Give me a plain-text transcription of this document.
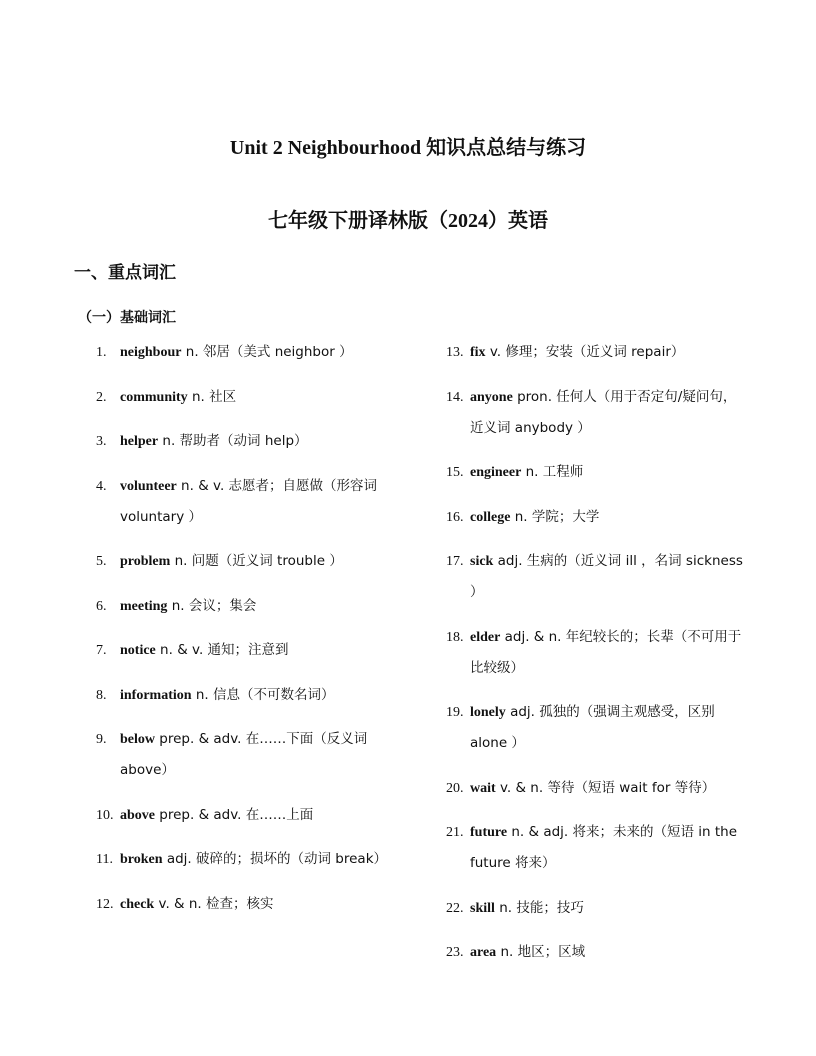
Unit 2 Neighbourhood 知识点总结与练习
七年级下册译林版（2024）英语
一、重点词汇
（一）基础词汇
1. neighbour n. 邻居（美式 neighbor ）
2. community n. 社区
3. helper n. 帮助者（动词 help）
4. volunteer n. & v. 志愿者；自愿做（形容词 voluntary ）
5. problem n. 问题（近义词 trouble ）
6. meeting n. 会议；集会
7. notice n. & v. 通知；注意到
8. information n. 信息（不可数名词）
9. below prep. & adv. 在……下面（反义词 above）
10. above prep. & adv. 在……上面
11. broken adj. 破碎的；损坏的（动词 break）
12. check v. & n. 检查；核实
13. fix v. 修理；安装（近义词 repair）
14. anyone pron. 任何人（用于否定句/疑问句，近义词 anybody ）
15. engineer n. 工程师
16. college n. 学院；大学
17. sick adj. 生病的（近义词 ill ，名词 sickness ）
18. elder adj. & n. 年纪较长的；长辈（不可用于比较级）
19. lonely adj. 孤独的（强调主观感受，区别 alone ）
20. wait v. & n. 等待（短语 wait for 等待）
21. future n. & adj. 将来；未来的（短语 in the future 将来）
22. skill n. 技能；技巧
23. area n. 地区；区域
